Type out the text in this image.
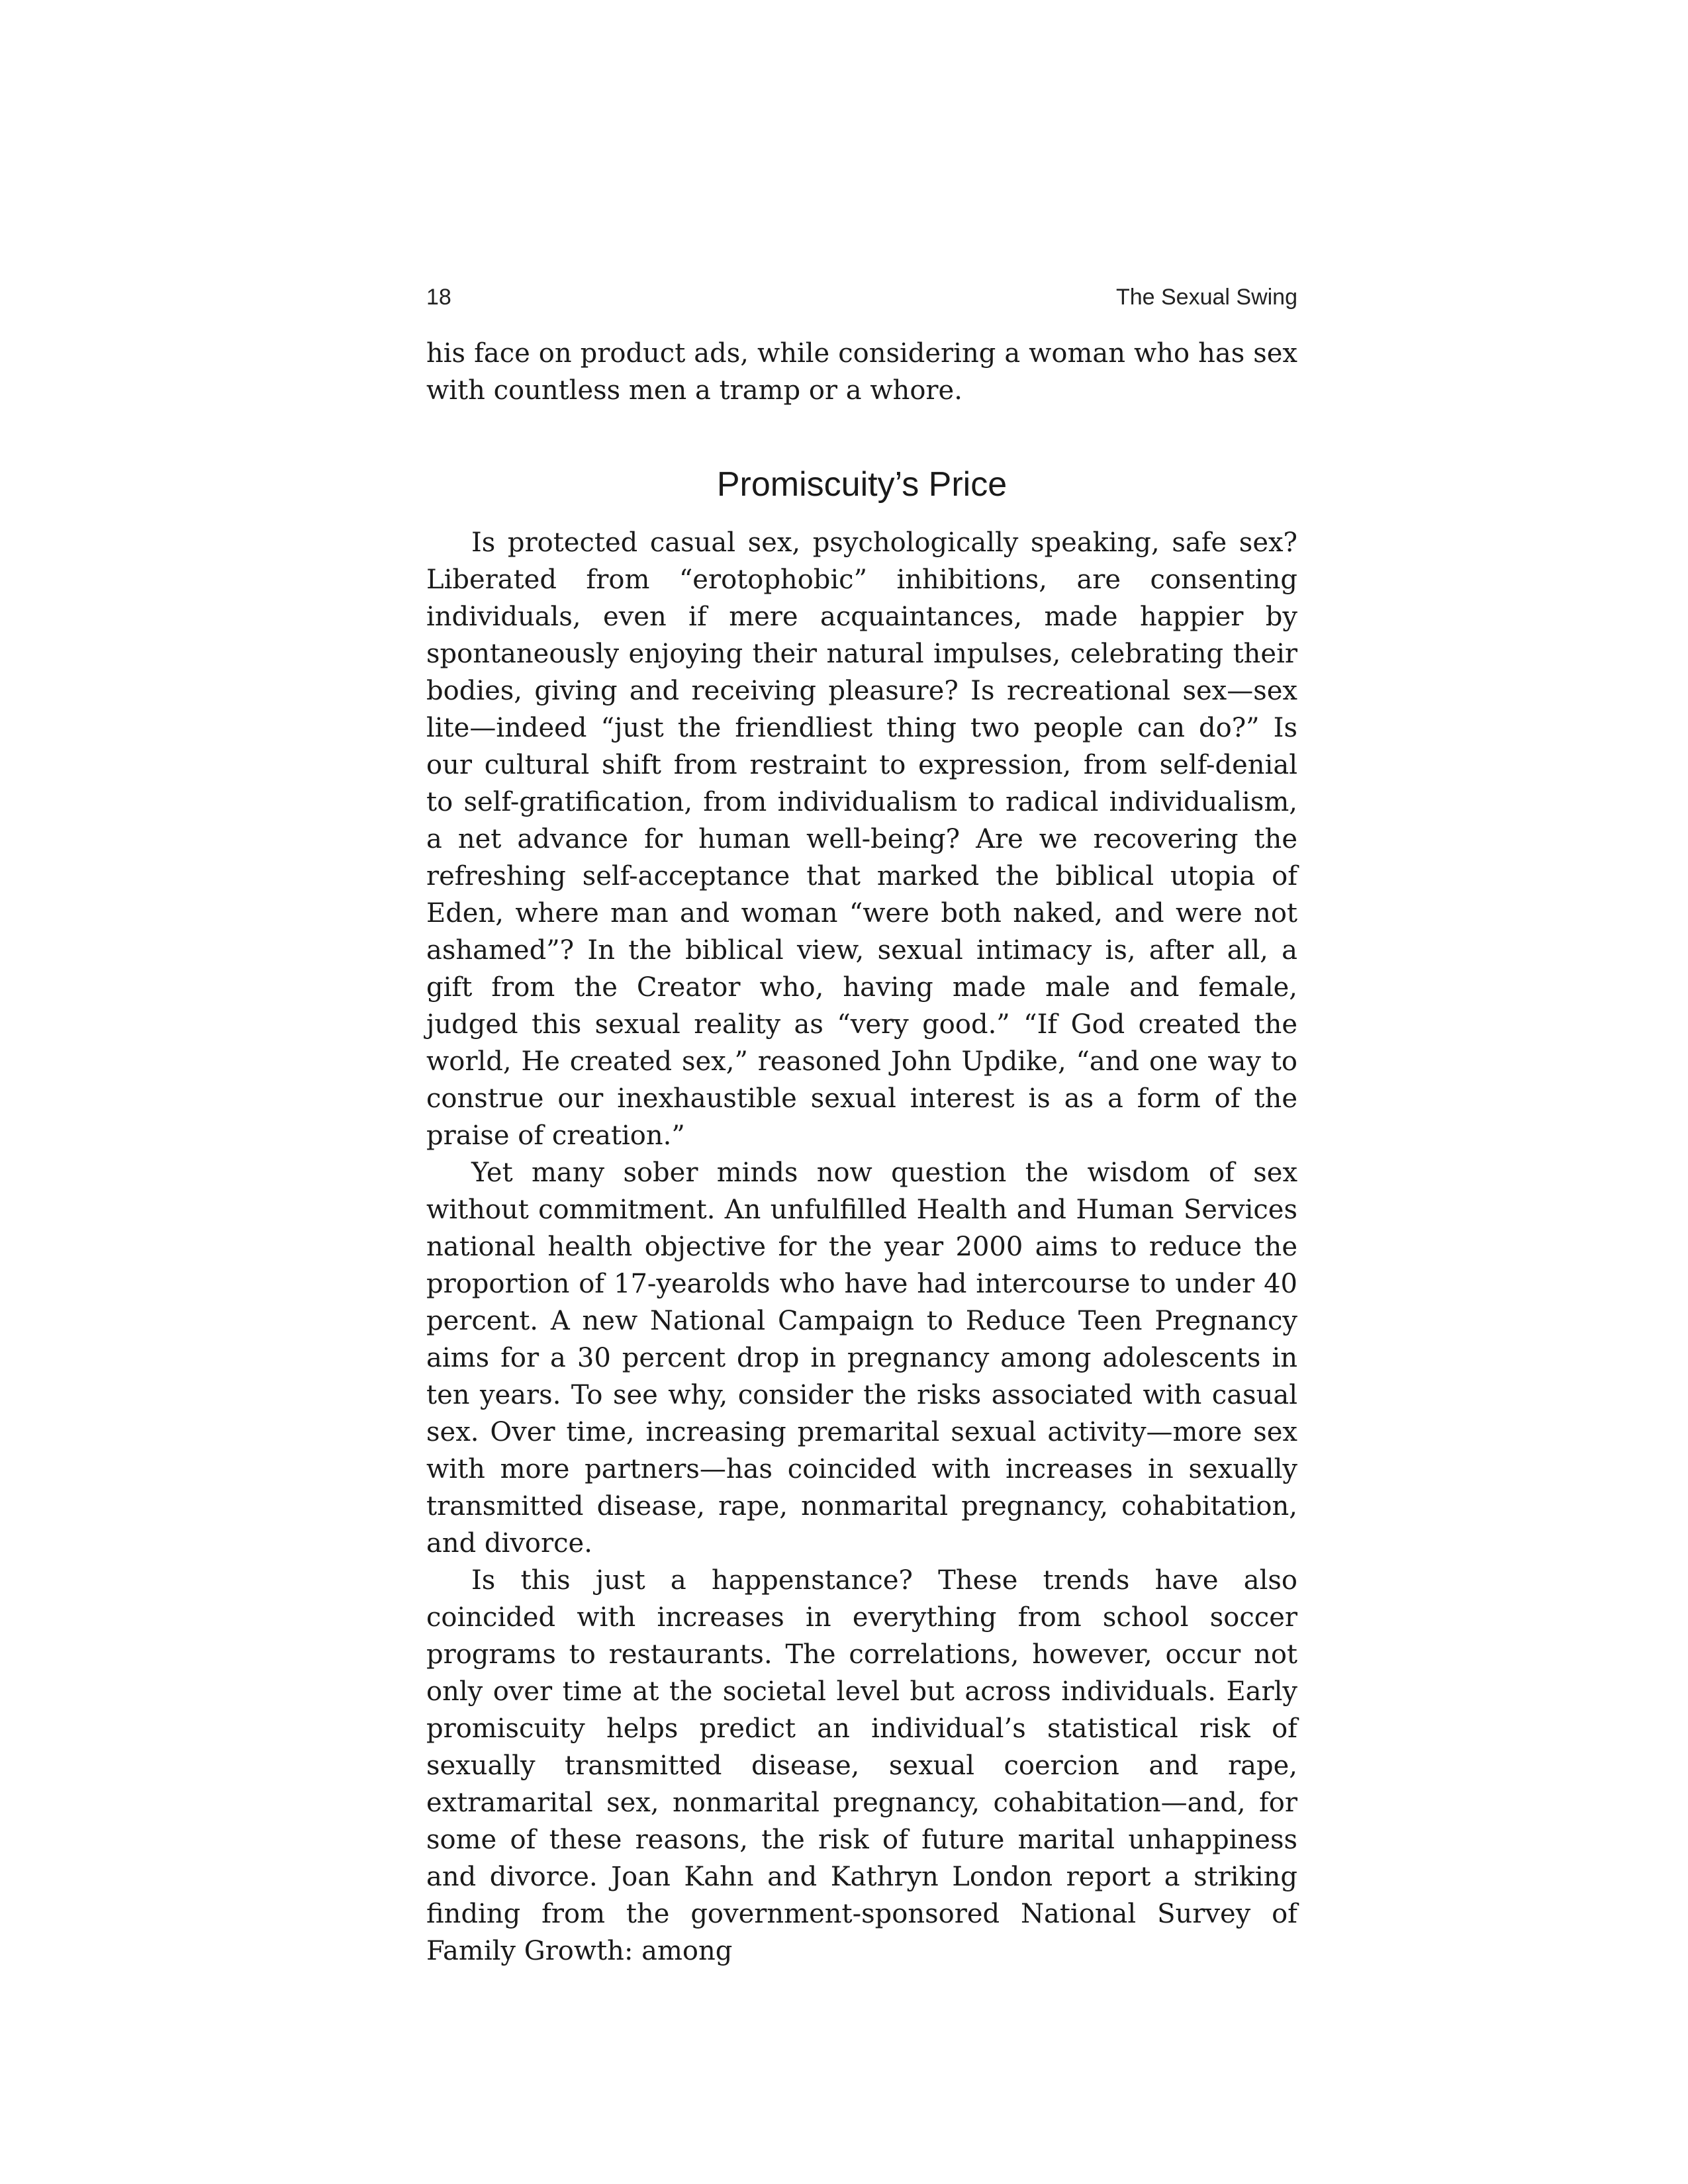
18	The Sexual Swing

his face on product ads, while considering a woman who has sex with countless men a tramp or a whore.

Promiscuity’s Price

Is protected casual sex, psychologically speaking, safe sex? Liberated from “erotophobic” inhibitions, are consenting individuals, even if mere acquaintances, made happier by spontaneously enjoying their natural impulses, celebrating their bodies, giving and receiving pleasure? Is recreational sex—sex lite—indeed “just the friendliest thing two people can do?” Is our cultural shift from restraint to expression, from self-denial to self-gratification, from individualism to radical individualism, a net advance for human well-being? Are we recovering the refreshing self-acceptance that marked the biblical utopia of Eden, where man and woman “were both naked, and were not ashamed”? In the biblical view, sexual intimacy is, after all, a gift from the Creator who, having made male and female, judged this sexual reality as “very good.” “If God created the world, He created sex,” reasoned John Updike, “and one way to construe our inexhaustible sexual interest is as a form of the praise of creation.”

Yet many sober minds now question the wisdom of sex without commitment. An unfulfilled Health and Human Services national health objective for the year 2000 aims to reduce the proportion of 17-yearolds who have had intercourse to under 40 percent. A new National Campaign to Reduce Teen Pregnancy aims for a 30 percent drop in pregnancy among adolescents in ten years. To see why, consider the risks associated with casual sex. Over time, increasing premarital sexual activity—more sex with more partners—has coincided with increases in sexually transmitted disease, rape, nonmarital pregnancy, cohabitation, and divorce.

Is this just a happenstance? These trends have also coincided with increases in everything from school soccer programs to restaurants. The correlations, however, occur not only over time at the societal level but across individuals. Early promiscuity helps predict an individual’s statistical risk of sexually transmitted disease, sexual coercion and rape, extramarital sex, nonmarital pregnancy, cohabitation—and, for some of these reasons, the risk of future marital unhappiness and divorce. Joan Kahn and Kathryn London report a striking finding from the government-sponsored National Survey of Family Growth: among
